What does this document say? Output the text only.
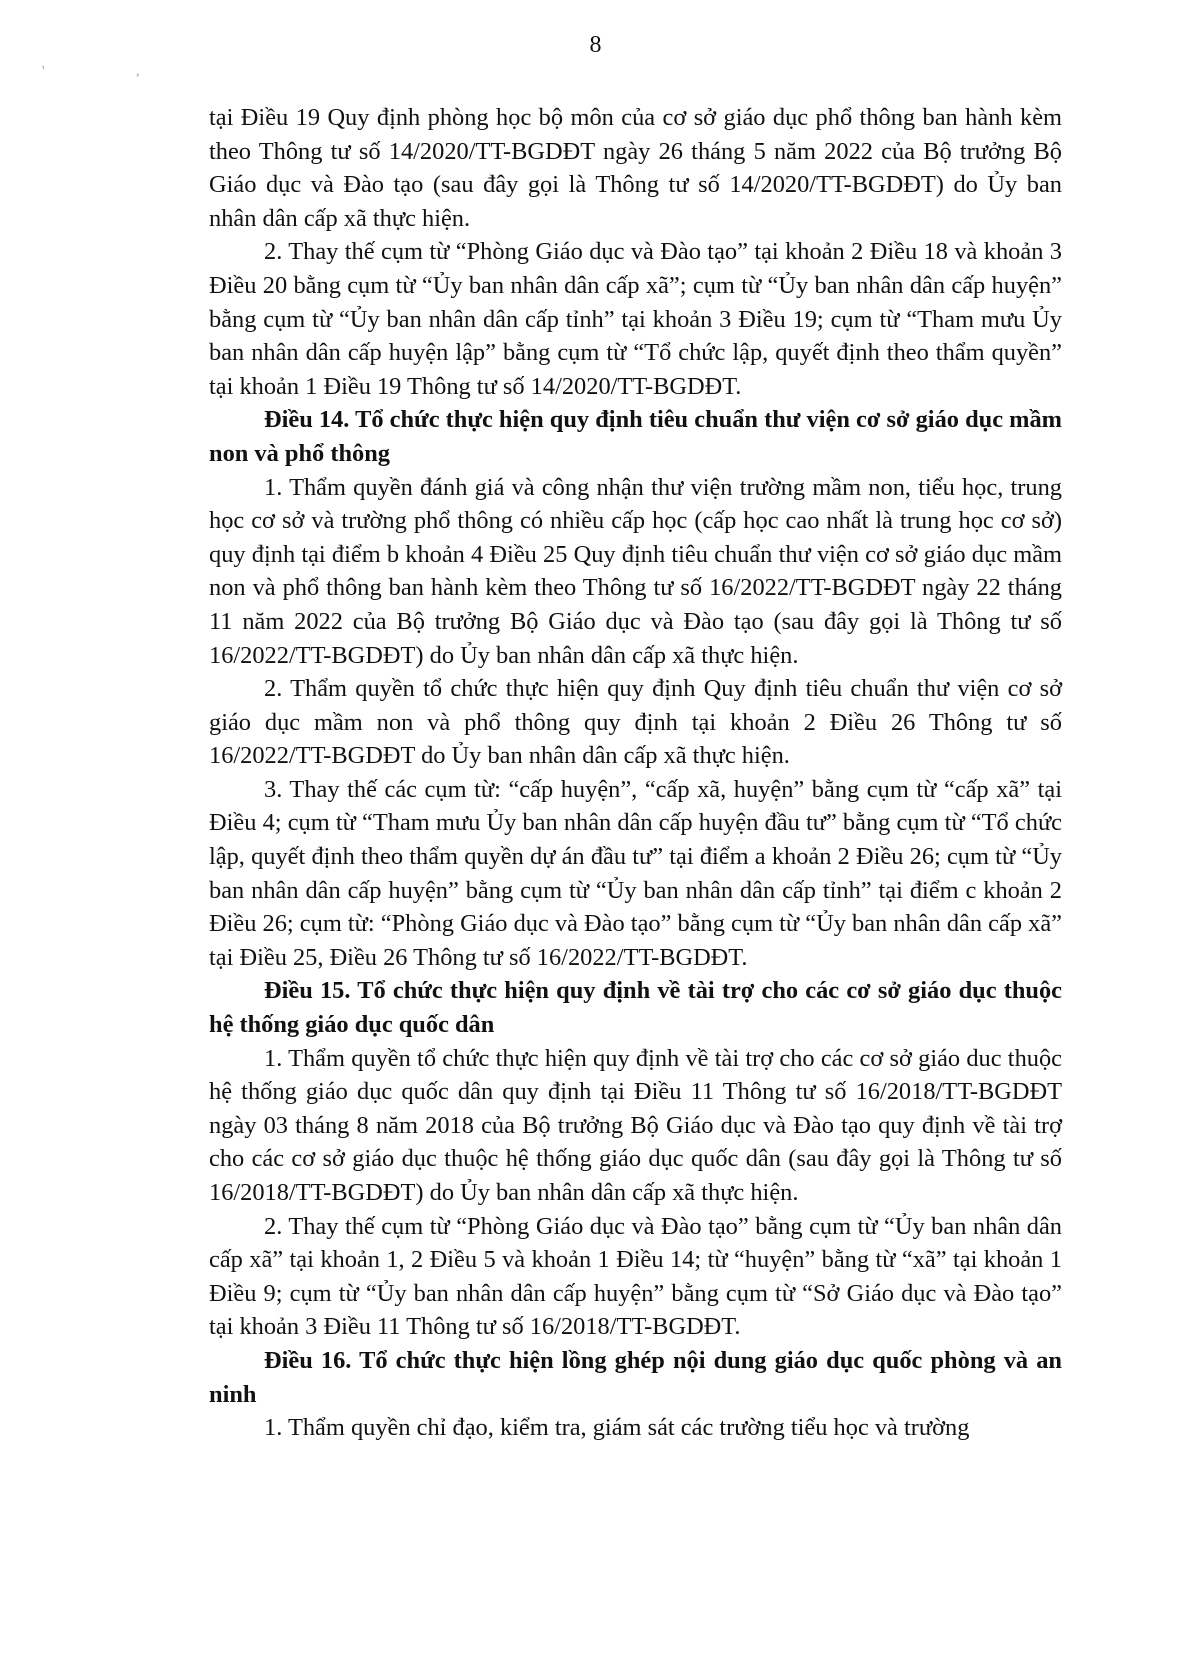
8
' ,

tại Điều 19 Quy định phòng học bộ môn của cơ sở giáo dục phổ thông ban hành kèm theo Thông tư số 14/2020/TT-BGDĐT ngày 26 tháng 5 năm 2022 của Bộ trưởng Bộ Giáo dục và Đào tạo (sau đây gọi là Thông tư số 14/2020/TT-BGDĐT) do Ủy ban nhân dân cấp xã thực hiện.

2. Thay thế cụm từ “Phòng Giáo dục và Đào tạo” tại khoản 2 Điều 18 và khoản 3 Điều 20 bằng cụm từ “Ủy ban nhân dân cấp xã”; cụm từ “Ủy ban nhân dân cấp huyện” bằng cụm từ “Ủy ban nhân dân cấp tỉnh” tại khoản 3 Điều 19; cụm từ “Tham mưu Ủy ban nhân dân cấp huyện lập” bằng cụm từ “Tổ chức lập, quyết định theo thẩm quyền” tại khoản 1 Điều 19 Thông tư số 14/2020/TT-BGDĐT.

Điều 14. Tổ chức thực hiện quy định tiêu chuẩn thư viện cơ sở giáo dục mầm non và phổ thông

1. Thẩm quyền đánh giá và công nhận thư viện trường mầm non, tiểu học, trung học cơ sở và trường phổ thông có nhiều cấp học (cấp học cao nhất là trung học cơ sở) quy định tại điểm b khoản 4 Điều 25 Quy định tiêu chuẩn thư viện cơ sở giáo dục mầm non và phổ thông ban hành kèm theo Thông tư số 16/2022/TT-BGDĐT ngày 22 tháng 11 năm 2022 của Bộ trưởng Bộ Giáo dục và Đào tạo (sau đây gọi là Thông tư số 16/2022/TT-BGDĐT) do Ủy ban nhân dân cấp xã thực hiện.

2. Thẩm quyền tổ chức thực hiện quy định Quy định tiêu chuẩn thư viện cơ sở giáo dục mầm non và phổ thông quy định tại khoản 2 Điều 26 Thông tư số 16/2022/TT-BGDĐT do Ủy ban nhân dân cấp xã thực hiện.

3. Thay thế các cụm từ: “cấp huyện”, “cấp xã, huyện” bằng cụm từ “cấp xã” tại Điều 4; cụm từ “Tham mưu Ủy ban nhân dân cấp huyện đầu tư” bằng cụm từ “Tổ chức lập, quyết định theo thẩm quyền dự án đầu tư” tại điểm a khoản 2 Điều 26; cụm từ “Ủy ban nhân dân cấp huyện” bằng cụm từ “Ủy ban nhân dân cấp tỉnh” tại điểm c khoản 2 Điều 26; cụm từ: “Phòng Giáo dục và Đào tạo” bằng cụm từ “Ủy ban nhân dân cấp xã” tại Điều 25, Điều 26 Thông tư số 16/2022/TT-BGDĐT.

Điều 15. Tổ chức thực hiện quy định về tài trợ cho các cơ sở giáo dục thuộc hệ thống giáo dục quốc dân

1. Thẩm quyền tổ chức thực hiện quy định về tài trợ cho các cơ sở giáo duc thuộc hệ thống giáo dục quốc dân quy định tại Điều 11 Thông tư số 16/2018/TT-BGDĐT ngày 03 tháng 8 năm 2018 của Bộ trưởng Bộ Giáo dục và Đào tạo quy định về tài trợ cho các cơ sở giáo dục thuộc hệ thống giáo dục quốc dân (sau đây gọi là Thông tư số 16/2018/TT-BGDĐT) do Ủy ban nhân dân cấp xã thực hiện.

2. Thay thế cụm từ “Phòng Giáo dục và Đào tạo” bằng cụm từ “Ủy ban nhân dân cấp xã” tại khoản 1, 2 Điều 5 và khoản 1 Điều 14; từ “huyện” bằng từ “xã” tại khoản 1 Điều 9; cụm từ “Ủy ban nhân dân cấp huyện” bằng cụm từ “Sở Giáo dục và Đào tạo” tại khoản 3 Điều 11 Thông tư số 16/2018/TT-BGDĐT.

Điều 16. Tổ chức thực hiện lồng ghép nội dung giáo dục quốc phòng và an ninh

1. Thẩm quyền chỉ đạo, kiểm tra, giám sát các trường tiểu học và trường
